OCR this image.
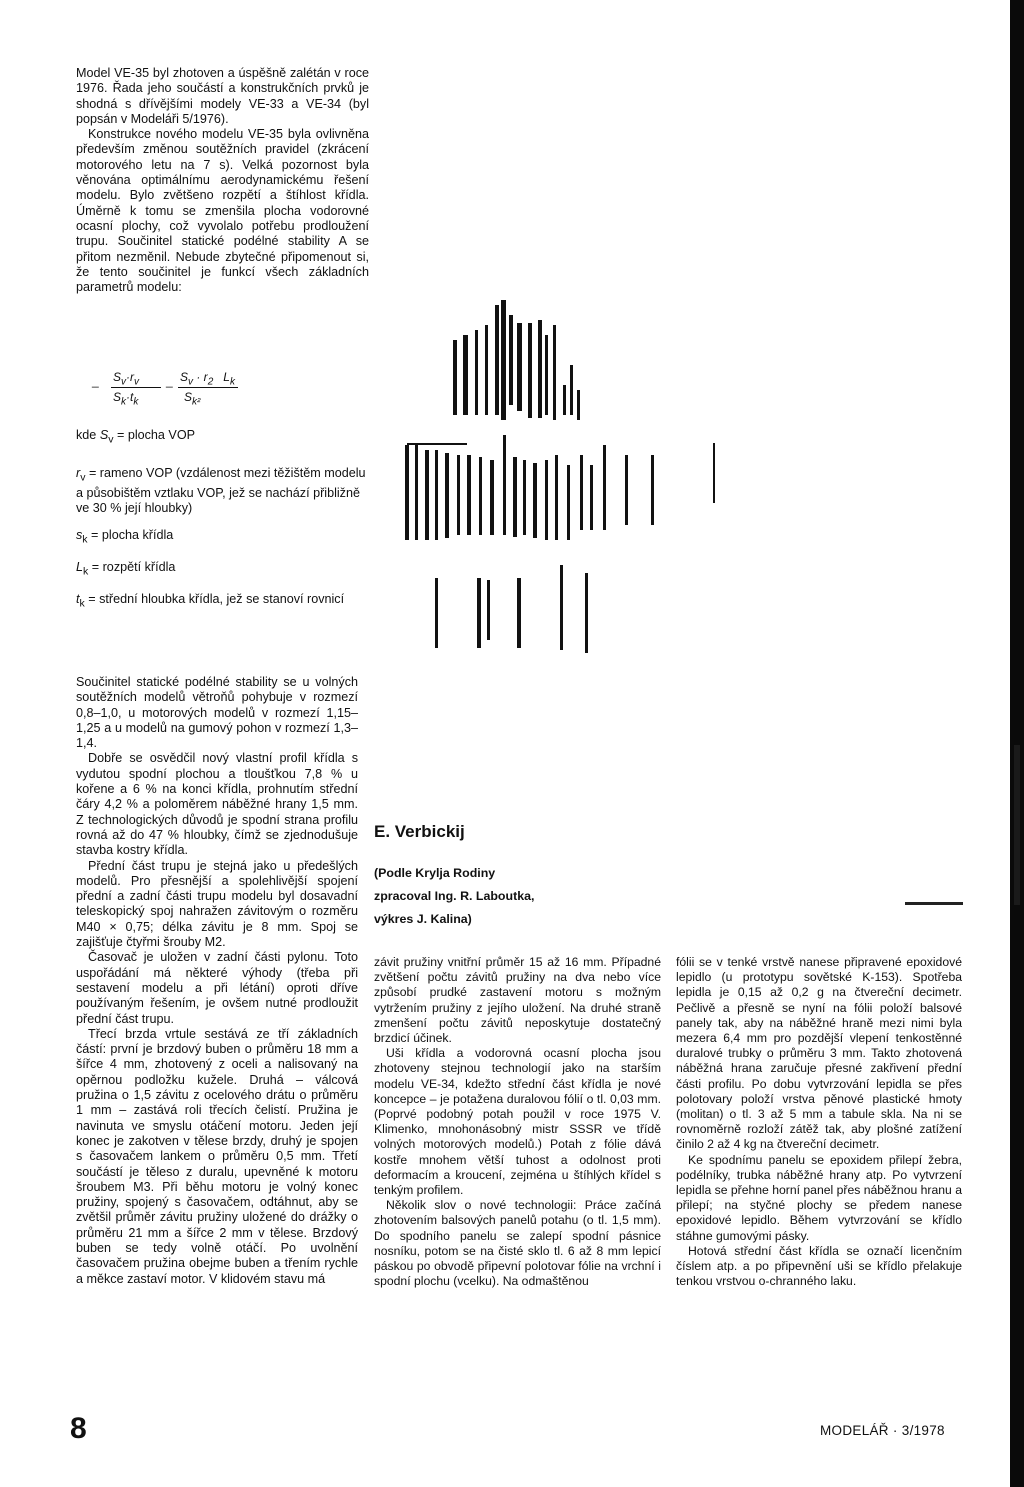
Model VE-35 byl zhotoven a úspěšně zalétán v roce 1976. Řada jeho součástí a konstrukčních prvků je shodná s dřívějšími modely VE-33 a VE-34 (byl popsán v Modeláři 5/1976).

Konstrukce nového modelu VE-35 byla ovlivněna především změnou soutěžních pravidel (zkrácení motorového letu na 7 s). Velká pozornost byla věnována optimálnímu aerodynamickému řešení modelu. Bylo zvětšeno rozpětí a štíhlost křídla. Úměrně k tomu se zmenšila plocha vodorovné ocasní plochy, což vyvolalo potřebu prodloužení trupu. Součinitel statické podélné stability A se přitom nezměnil. Nebude zbytečné připomenout si, že tento součinitel je funkcí všech základních parametrů modelu:

_ $S_v\cdot r_v$ _ $S_v \cdot r_2$ $L_k$
$S_k\cdot t_k$	$S_{k^2}$

kde $S_v$ = plocha VOP

$r_v$ = rameno VOP (vzdálenost mezi těžištěm modelu a působištěm vztlaku VOP, jež se nachází přibližně ve 30 % její hloubky)

$s_k$ = plocha křídla

$L_k$ = rozpětí křídla

$t_k$ = střední hloubka křídla, jež se stanoví rovnicí

Součinitel statické podélné stability se u volných soutěžních modelů větroňů pohybuje v rozmezí 0,8–1,0, u motorových modelů v rozmezí 1,15–1,25 a u modelů na gumový pohon v rozmezí 1,3–1,4.

Dobře se osvědčil nový vlastní profil křídla s vydutou spodní plochou a tloušťkou 7,8 % u kořene a 6 % na konci křídla, prohnutím střední čáry 4,2 % a poloměrem náběžné hrany 1,5 mm. Z technologických důvodů je spodní strana profilu rovná až do 47 % hloubky, čímž se zjednodušuje stavba kostry křídla.

Přední část trupu je stejná jako u předešlých modelů. Pro přesnější a spolehlivější spojení přední a zadní části trupu modelu byl dosavadní teleskopický spoj nahražen závitovým o rozměru M40 × 0,75; délka závitu je 8 mm. Spoj se zajišťuje čtyřmi šrouby M2.

Časovač je uložen v zadní části pylonu. Toto uspořádání má některé výhody (třeba při sestavení modelu a při létání) oproti dříve používaným řešením, je ovšem nutné prodloužit přední část trupu.

Třecí brzda vrtule sestává ze tří základních částí: první je brzdový buben o průměru 18 mm a šířce 4 mm, zhotovený z oceli a nalisovaný na opěrnou podložku kužele. Druhá – válcová pružina o 1,5 závitu z ocelového drátu o průměru 1 mm – zastává roli třecích čelistí. Pružina je navinuta ve smyslu otáčení motoru. Jeden její konec je zakotven v tělese brzdy, druhý je spojen s časovačem lankem o průměru 0,5 mm. Třetí součástí je těleso z duralu, upevněné k motoru šroubem M3. Při běhu motoru je volný konec pružiny, spojený s časovačem, odtáhnut, aby se zvětšil průměr závitu pružiny uložené do drážky o průměru 21 mm a šířce 2 mm v tělese. Brzdový buben se tedy volně otáčí. Po uvolnění časovačem pružina obejme buben a třením rychle a měkce zastaví motor. V klidovém stavu má

E. Verbickij
(Podle Krylja Rodiny
zpracoval Ing. R. Laboutka,
výkres J. Kalina)

závit pružiny vnitřní průměr 15 až 16 mm. Případné zvětšení počtu závitů pružiny na dva nebo více způsobí prudké zastavení motoru s možným vytržením pružiny z jejího uložení. Na druhé straně zmenšení počtu závitů neposkytuje dostatečný brzdicí účinek.

Uši křídla a vodorovná ocasní plocha jsou zhotoveny stejnou technologií jako na starším modelu VE-34, kdežto střední část křídla je nové koncepce – je potažena duralovou fólií o tl. 0,03 mm. (Poprvé podobný potah použil v roce 1975 V. Klimenko, mnohonásobný mistr SSSR ve třídě volných motorových modelů.) Potah z fólie dává kostře mnohem větší tuhost a odolnost proti deformacím a kroucení, zejména u štíhlých křídel s tenkým profilem.

Několik slov o nové technologii: Práce začíná zhotovením balsových panelů potahu (o tl. 1,5 mm). Do spodního panelu se zalepí spodní pásnice nosníku, potom se na čisté sklo tl. 6 až 8 mm lepicí páskou po obvodě připevní polotovar fólie na vrchní i spodní plochu (vcelku). Na odmaštěnou

fólii se v tenké vrstvě nanese připravené epoxidové lepidlo (u prototypu sovětské K-153). Spotřeba lepidla je 0,15 až 0,2 g na čtvereční decimetr. Pečlivě a přesně se nyní na fólii položí balsové panely tak, aby na náběžné hraně mezi nimi byla mezera 6,4 mm pro pozdější vlepení tenkostěnné duralové trubky o průměru 3 mm. Takto zhotovená náběžná hrana zaručuje přesné zakřivení přední části profilu. Po dobu vytvrzování lepidla se přes polotovary položí vrstva pěnové plastické hmoty (molitan) o tl. 3 až 5 mm a tabule skla. Na ni se rovnoměrně rozloží zátěž tak, aby plošné zatížení činilo 2 až 4 kg na čtvereční decimetr.

Ke spodnímu panelu se epoxidem přilepí žebra, podélníky, trubka náběžné hrany atp. Po vytvrzení lepidla se přehne horní panel přes náběžnou hranu a přilepí; na styčné plochy se předem nanese epoxidové lepidlo. Během vytvrzování se křídlo stáhne gumovými pásky.

Hotová střední část křídla se označí licenčním číslem atp. a po připevnění uši se křídlo přelakuje tenkou vrstvou o-chranného laku.

8	MODELÁŘ · 3/1978
